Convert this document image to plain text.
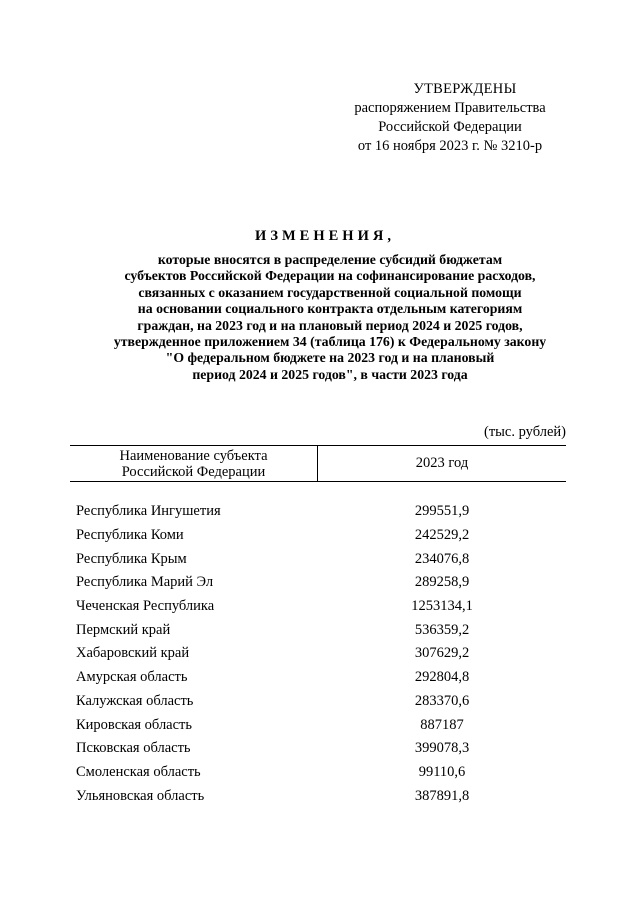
УТВЕРЖДЕНЫ
распоряжением Правительства
Российской Федерации
от 16 ноября 2023 г. № 3210-р
ИЗМЕНЕНИЯ,
которые вносятся в распределение субсидий бюджетам
субъектов Российской Федерации на софинансирование расходов,
связанных с оказанием государственной социальной помощи
на основании социального контракта отдельным категориям
граждан, на 2023 год и на плановый период 2024 и 2025 годов,
утвержденное приложением 34 (таблица 176) к Федеральному закону
"О федеральном бюджете на 2023 год и на плановый
период 2024 и 2025 годов", в части 2023 года
(тыс. рублей)
Наименование субъекта
Российской Федерации
2023 год
Республика Ингушетия	299551,9
Республика Коми	242529,2
Республика Крым	234076,8
Республика Марий Эл	289258,9
Чеченская Республика	1253134,1
Пермский край	536359,2
Хабаровский край	307629,2
Амурская область	292804,8
Калужская область	283370,6
Кировская область	887187
Псковская область	399078,3
Смоленская область	99110,6
Ульяновская область	387891,8
